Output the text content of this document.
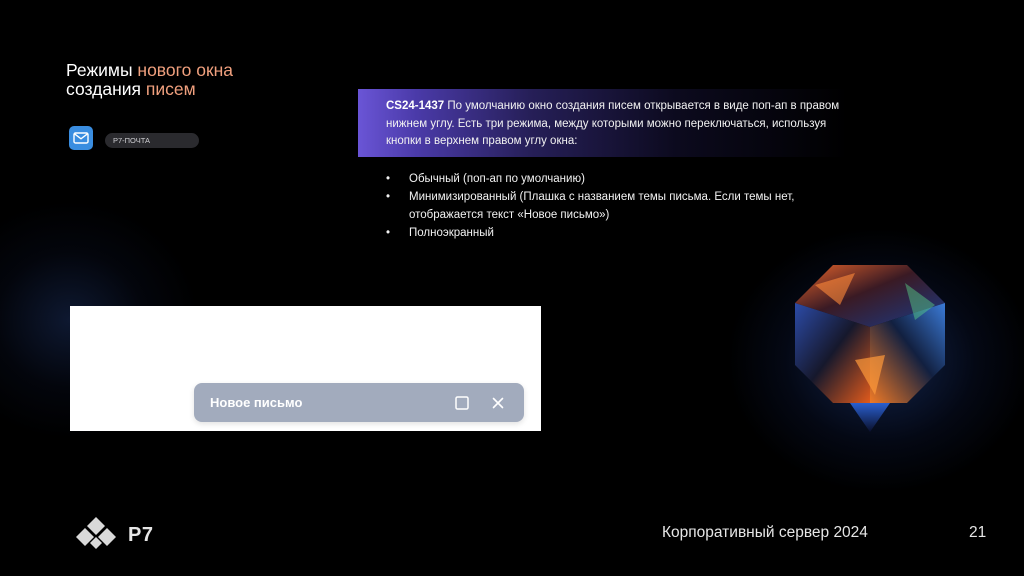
Режимы нового окна
создания писем
Р7-ПОЧТА
CS24-1437 По умолчанию окно создания писем открывается в виде поп-ап в правом нижнем углу. Есть три режима, между которыми можно переключаться, используя кнопки в верхнем правом углу окна:
• Обычный (поп-ап по умолчанию)
• Минимизированный (Плашка с названием темы письма. Если темы нет, отображается текст «Новое письмо»)
• Полноэкранный
Новое письмо
Р7	Корпоративный сервер 2024	21
